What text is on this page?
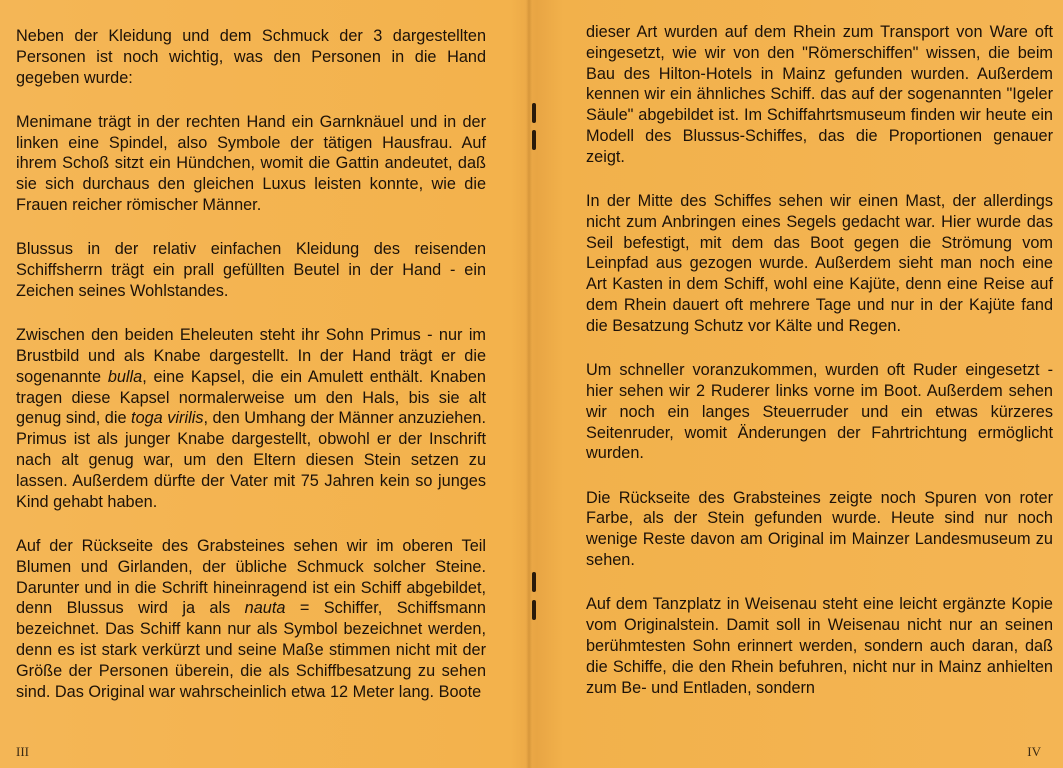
Neben der Kleidung und dem Schmuck der 3 dargestellten Personen ist noch wichtig, was den Personen in die Hand gegeben wurde:

Menimane trägt in der rechten Hand ein Garnknäuel und in der linken eine Spindel, also Symbole der tätigen Hausfrau. Auf ihrem Schoß sitzt ein Hündchen, womit die Gattin andeutet, daß sie sich durchaus den gleichen Luxus leisten konnte, wie die Frauen reicher römischer Männer.

Blussus in der relativ einfachen Kleidung des reisenden Schiffsherrn trägt ein prall gefüllten Beutel in der Hand - ein Zeichen seines Wohlstandes.

Zwischen den beiden Eheleuten steht ihr Sohn Primus - nur im Brustbild und als Knabe dargestellt. In der Hand trägt er die sogenannte bulla, eine Kapsel, die ein Amulett enthält. Knaben tragen diese Kapsel normalerweise um den Hals, bis sie alt genug sind, die toga virilis, den Umhang der Männer anzuziehen. Primus ist als junger Knabe dargestellt, obwohl er der Inschrift nach alt genug war, um den Eltern diesen Stein setzen zu lassen. Außerdem dürfte der Vater mit 75 Jahren kein so junges Kind gehabt haben.

Auf der Rückseite des Grabsteines sehen wir im oberen Teil Blumen und Girlanden, der übliche Schmuck solcher Steine. Darunter und in die Schrift hineinragend ist ein Schiff abgebildet, denn Blussus wird ja als nauta = Schiffer, Schiffsmann bezeichnet. Das Schiff kann nur als Symbol bezeichnet werden, denn es ist stark verkürzt und seine Maße stimmen nicht mit der Größe der Personen überein, die als Schiffbesatzung zu sehen sind. Das Original war wahrscheinlich etwa 12 Meter lang. Boote

III

dieser Art wurden auf dem Rhein zum Transport von Ware oft eingesetzt, wie wir von den "Römerschiffen" wissen, die beim Bau des Hilton-Hotels in Mainz gefunden wurden. Außerdem kennen wir ein ähnliches Schiff. das auf der sogenannten "Igeler Säule" abgebildet ist. Im Schiffahrtsmuseum finden wir heute ein Modell des Blussus-Schiffes, das die Proportionen genauer zeigt.

In der Mitte des Schiffes sehen wir einen Mast, der allerdings nicht zum Anbringen eines Segels gedacht war. Hier wurde das Seil befestigt, mit dem das Boot gegen die Strömung vom Leinpfad aus gezogen wurde. Außerdem sieht man noch eine Art Kasten in dem Schiff, wohl eine Kajüte, denn eine Reise auf dem Rhein dauert oft mehrere Tage und nur in der Kajüte fand die Besatzung Schutz vor Kälte und Regen.

Um schneller voranzukommen, wurden oft Ruder eingesetzt - hier sehen wir 2 Ruderer links vorne im Boot. Außerdem sehen wir noch ein langes Steuerruder und ein etwas kürzeres Seitenruder, womit Änderungen der Fahrtrichtung ermöglicht wurden.

Die Rückseite des Grabsteines zeigte noch Spuren von roter Farbe, als der Stein gefunden wurde. Heute sind nur noch wenige Reste davon am Original im Mainzer Landesmuseum zu sehen.

Auf dem Tanzplatz in Weisenau steht eine leicht ergänzte Kopie vom Originalstein. Damit soll in Weisenau nicht nur an seinen berühmtesten Sohn erinnert werden, sondern auch daran, daß die Schiffe, die den Rhein befuhren, nicht nur in Mainz anhielten zum Be- und Entladen, sondern

IV
